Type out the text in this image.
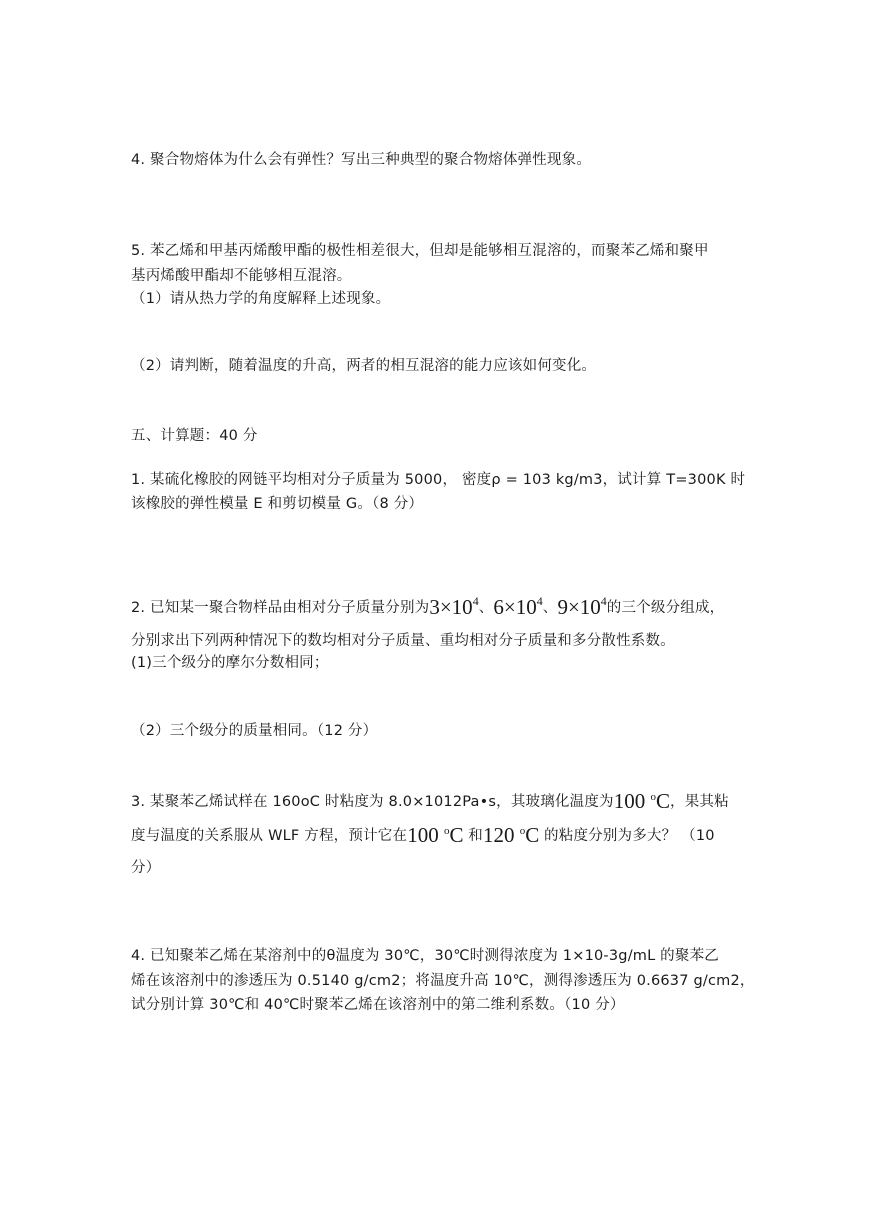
4. 聚合物熔体为什么会有弹性？写出三种典型的聚合物熔体弹性现象。
5. 苯乙烯和甲基丙烯酸甲酯的极性相差很大，但却是能够相互混溶的，而聚苯乙烯和聚甲
基丙烯酸甲酯却不能够相互混溶。
（1）请从热力学的角度解释上述现象。
（2）请判断，随着温度的升高，两者的相互混溶的能力应该如何变化。
五、计算题：40 分
1. 某硫化橡胶的网链平均相对分子质量为 5000， 密度ρ = 103 kg/m3，试计算 T=300K 时
该橡胶的弹性模量 E 和剪切模量 G。（8 分）
2. 已知某一聚合物样品由相对分子质量分别为$3\times 10^4$、$6\times 10^4$、$9\times 10^4$的三个级分组成，
分别求出下列两种情况下的数均相对分子质量、重均相对分子质量和多分散性系数。
(1)三个级分的摩尔分数相同；
（2）三个级分的质量相同。（12 分）
3. 某聚苯乙烯试样在 160oC 时粘度为 8.0×1012Pa•s，其玻璃化温度为100 $^o$C，果其粘
度与温度的关系服从 WLF 方程，预计它在100 $^o$C 和120 $^o$C 的粘度分别为多大？ （10
分）
4. 已知聚苯乙烯在某溶剂中的θ温度为 30℃，30℃时测得浓度为 1×10-3g/mL 的聚苯乙
烯在该溶剂中的渗透压为 0.5140 g/cm2；将温度升高 10℃，测得渗透压为 0.6637 g/cm2，
试分别计算 30℃和 40℃时聚苯乙烯在该溶剂中的第二维利系数。（10 分）
